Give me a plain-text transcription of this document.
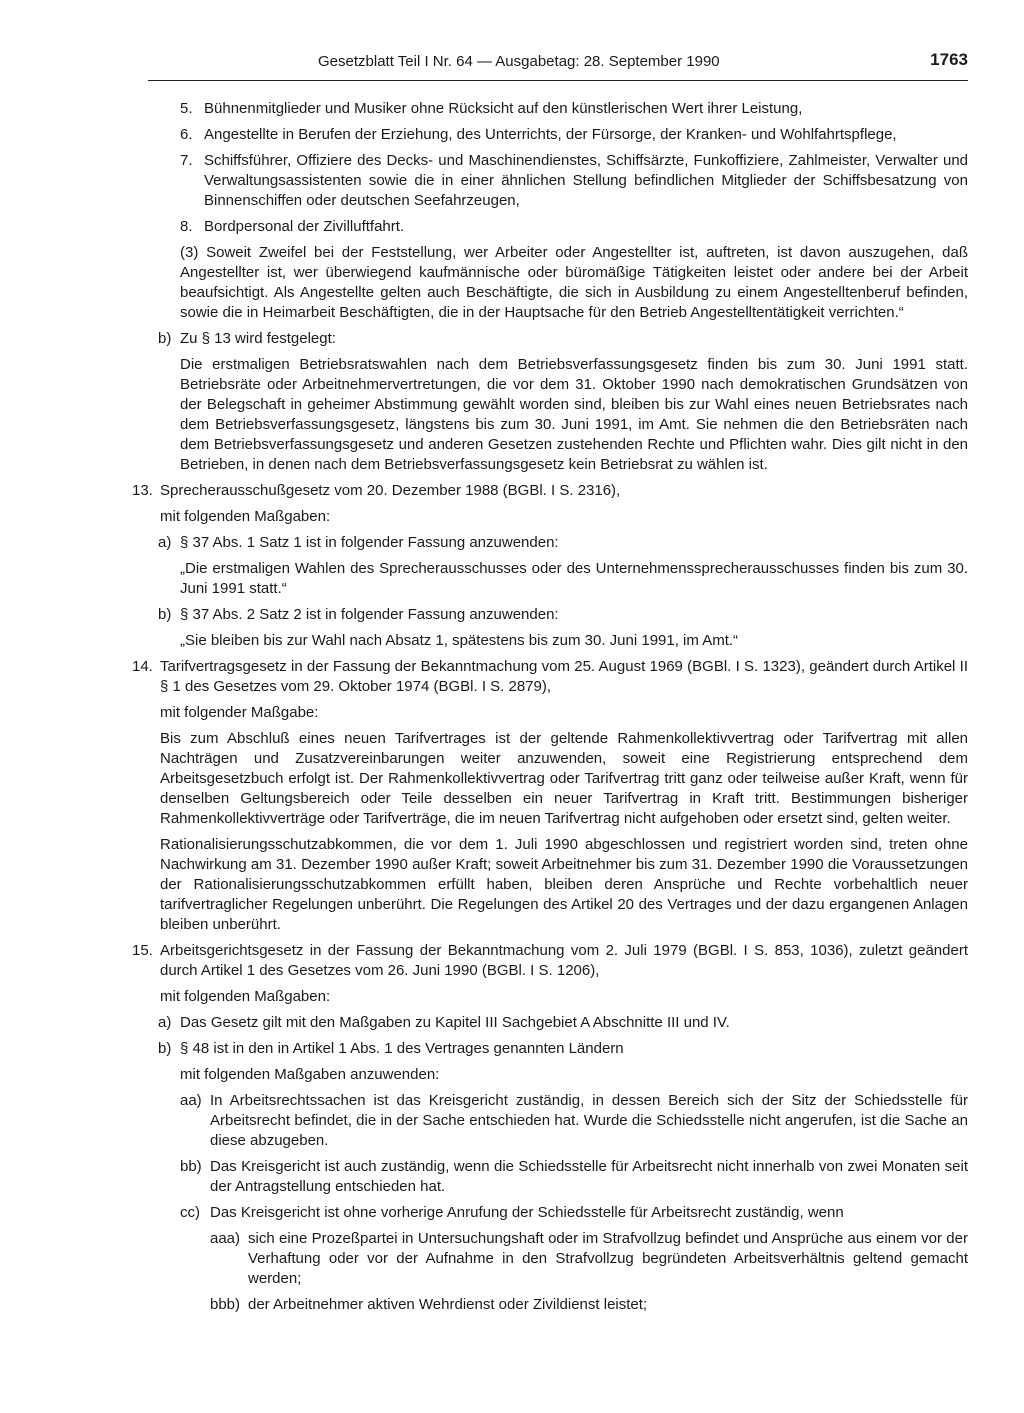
Gesetzblatt Teil I Nr. 64 — Ausgabetag: 28. September 1990	1763
5. Bühnenmitglieder und Musiker ohne Rücksicht auf den künstlerischen Wert ihrer Leistung,
6. Angestellte in Berufen der Erziehung, des Unterrichts, der Fürsorge, der Kranken- und Wohlfahrtspflege,
7. Schiffsführer, Offiziere des Decks- und Maschinendienstes, Schiffsärzte, Funkoffiziere, Zahlmeister, Verwalter und Verwaltungsassistenten sowie die in einer ähnlichen Stellung befindlichen Mitglieder der Schiffsbesatzung von Binnenschiffen oder deutschen Seefahrzeugen,
8. Bordpersonal der Zivilluftfahrt.
(3) Soweit Zweifel bei der Feststellung, wer Arbeiter oder Angestellter ist, auftreten, ist davon auszugehen, daß Angestellter ist, wer überwiegend kaufmännische oder büromäßige Tätigkeiten leistet oder andere bei der Arbeit beaufsichtigt. Als Angestellte gelten auch Beschäftigte, die sich in Ausbildung zu einem Angestelltenberuf befinden, sowie die in Heimarbeit Beschäftigten, die in der Hauptsache für den Betrieb Angestelltentätigkeit verrichten.“
b) Zu § 13 wird festgelegt:
Die erstmaligen Betriebsratswahlen nach dem Betriebsverfassungsgesetz finden bis zum 30. Juni 1991 statt. Betriebsräte oder Arbeitnehmervertretungen, die vor dem 31. Oktober 1990 nach demokratischen Grundsätzen von der Belegschaft in geheimer Abstimmung gewählt worden sind, bleiben bis zur Wahl eines neuen Betriebsrates nach dem Betriebsverfassungsgesetz, längstens bis zum 30. Juni 1991, im Amt. Sie nehmen die den Betriebsräten nach dem Betriebsverfassungsgesetz und anderen Gesetzen zustehenden Rechte und Pflichten wahr. Dies gilt nicht in den Betrieben, in denen nach dem Betriebsverfassungsgesetz kein Betriebsrat zu wählen ist.
13. Sprecherausschußgesetz vom 20. Dezember 1988 (BGBl. I S. 2316),
mit folgenden Maßgaben:
a) § 37 Abs. 1 Satz 1 ist in folgender Fassung anzuwenden:
„Die erstmaligen Wahlen des Sprecherausschusses oder des Unternehmenssprecherausschusses finden bis zum 30. Juni 1991 statt.“
b) § 37 Abs. 2 Satz 2 ist in folgender Fassung anzuwenden:
„Sie bleiben bis zur Wahl nach Absatz 1, spätestens bis zum 30. Juni 1991, im Amt.“
14. Tarifvertragsgesetz in der Fassung der Bekanntmachung vom 25. August 1969 (BGBl. I S. 1323), geändert durch Artikel II § 1 des Gesetzes vom 29. Oktober 1974 (BGBl. I S. 2879),
mit folgender Maßgabe:
Bis zum Abschluß eines neuen Tarifvertrages ist der geltende Rahmenkollektivvertrag oder Tarifvertrag mit allen Nachträgen und Zusatzvereinbarungen weiter anzuwenden, soweit eine Registrierung entsprechend dem Arbeitsgesetzbuch erfolgt ist. Der Rahmenkollektivvertrag oder Tarifvertrag tritt ganz oder teilweise außer Kraft, wenn für denselben Geltungsbereich oder Teile desselben ein neuer Tarifvertrag in Kraft tritt. Bestimmungen bisheriger Rahmenkollektivverträge oder Tarifverträge, die im neuen Tarifvertrag nicht aufgehoben oder ersetzt sind, gelten weiter.
Rationalisierungsschutzabkommen, die vor dem 1. Juli 1990 abgeschlossen und registriert worden sind, treten ohne Nachwirkung am 31. Dezember 1990 außer Kraft; soweit Arbeitnehmer bis zum 31. Dezember 1990 die Voraussetzungen der Rationalisierungsschutzabkommen erfüllt haben, bleiben deren Ansprüche und Rechte vorbehaltlich neuer tarifvertraglicher Regelungen unberührt. Die Regelungen des Artikel 20 des Vertrages und der dazu ergangenen Anlagen bleiben unberührt.
15. Arbeitsgerichtsgesetz in der Fassung der Bekanntmachung vom 2. Juli 1979 (BGBl. I S. 853, 1036), zuletzt geändert durch Artikel 1 des Gesetzes vom 26. Juni 1990 (BGBl. I S. 1206),
mit folgenden Maßgaben:
a) Das Gesetz gilt mit den Maßgaben zu Kapitel III Sachgebiet A Abschnitte III und IV.
b) § 48 ist in den in Artikel 1 Abs. 1 des Vertrages genannten Ländern
mit folgenden Maßgaben anzuwenden:
aa) In Arbeitsrechtssachen ist das Kreisgericht zuständig, in dessen Bereich sich der Sitz der Schiedsstelle für Arbeitsrecht befindet, die in der Sache entschieden hat. Wurde die Schiedsstelle nicht angerufen, ist die Sache an diese abzugeben.
bb) Das Kreisgericht ist auch zuständig, wenn die Schiedsstelle für Arbeitsrecht nicht innerhalb von zwei Monaten seit der Antragstellung entschieden hat.
cc) Das Kreisgericht ist ohne vorherige Anrufung der Schiedsstelle für Arbeitsrecht zuständig, wenn
aaa) sich eine Prozeßpartei in Untersuchungshaft oder im Strafvollzug befindet und Ansprüche aus einem vor der Verhaftung oder vor der Aufnahme in den Strafvollzug begründeten Arbeitsverhältnis geltend gemacht werden;
bbb) der Arbeitnehmer aktiven Wehrdienst oder Zivildienst leistet;
